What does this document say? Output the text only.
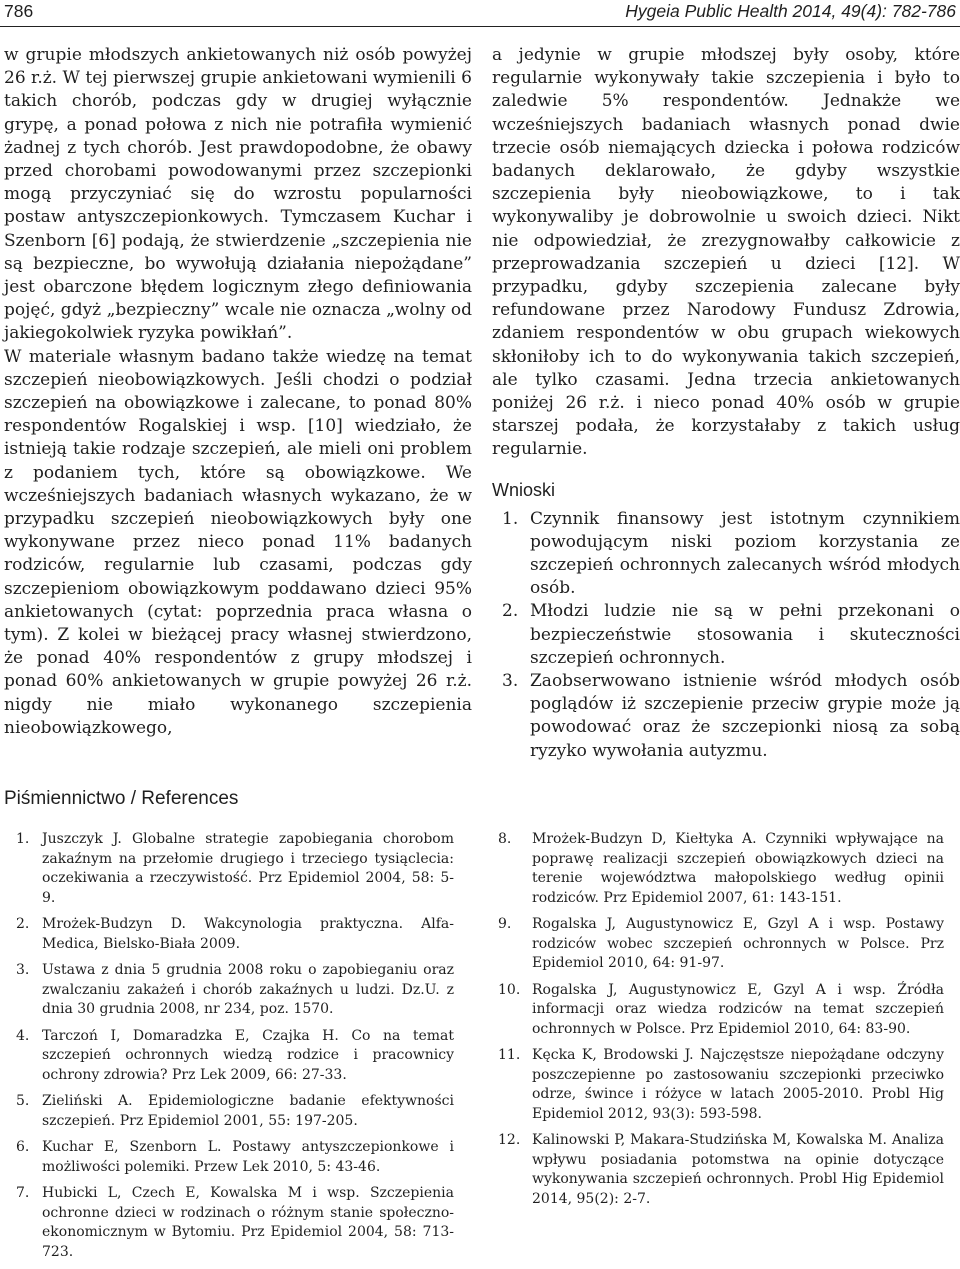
786	Hygeia Public Health 2014, 49(4): 782-786

w grupie młodszych ankietowanych niż osób powyżej 26 r.ż. W tej pierwszej grupie ankietowani wymienili 6 takich chorób, podczas gdy w drugiej wyłącznie grypę, a ponad połowa z nich nie potrafiła wymienić żadnej z tych chorób. Jest prawdopodobne, że obawy przed chorobami powodowanymi przez szczepionki mogą przyczyniać się do wzrostu popularności postaw antyszczepionkowych. Tymczasem Kuchar i Szenborn [6] podają, że stwierdzenie „szczepienia nie są bezpieczne, bo wywołują działania niepożądane” jest obarczone błędem logicznym złego definiowania pojęć, gdyż „bezpieczny” wcale nie oznacza „wolny od jakiegokolwiek ryzyka powikłań”.

W materiale własnym badano także wiedzę na temat szczepień nieobowiązkowych. Jeśli chodzi o podział szczepień na obowiązkowe i zalecane, to ponad 80% respondentów Rogalskiej i wsp. [10] wiedziało, że istnieją takie rodzaje szczepień, ale mieli oni problem z podaniem tych, które są obowiązkowe. We wcześniejszych badaniach własnych wykazano, że w przypadku szczepień nieobowiązkowych były one wykonywane przez nieco ponad 11% badanych rodziców, regularnie lub czasami, podczas gdy szczepieniom obowiązkowym poddawano dzieci 95% ankietowanych (cytat: poprzednia praca własna o tym). Z kolei w bieżącej pracy własnej stwierdzono, że ponad 40% respondentów z grupy młodszej i ponad 60% ankietowanych w grupie powyżej 26 r.ż. nigdy nie miało wykonanego szczepienia nieobowiązkowego,

a jedynie w grupie młodszej były osoby, które regularnie wykonywały takie szczepienia i było to zaledwie 5% respondentów. Jednakże we wcześniejszych badaniach własnych ponad dwie trzecie osób niemających dziecka i połowa rodziców badanych deklarowało, że gdyby wszystkie szczepienia były nieobowiązkowe, to i tak wykonywaliby je dobrowolnie u swoich dzieci. Nikt nie odpowiedział, że zrezygnowałby całkowicie z przeprowadzania szczepień u dzieci [12]. W przypadku, gdyby szczepienia zalecane były refundowane przez Narodowy Fundusz Zdrowia, zdaniem respondentów w obu grupach wiekowych skłoniłoby ich to do wykonywania takich szczepień, ale tylko czasami. Jedna trzecia ankietowanych poniżej 26 r.ż. i nieco ponad 40% osób w grupie starszej podała, że korzystałaby z takich usług regularnie.

Wnioski
1. Czynnik finansowy jest istotnym czynnikiem powodującym niski poziom korzystania ze szczepień ochronnych zalecanych wśród młodych osób.
2. Młodzi ludzie nie są w pełni przekonani o bezpieczeństwie stosowania i skuteczności szczepień ochronnych.
3. Zaobserwowano istnienie wśród młodych osób poglądów iż szczepienie przeciw grypie może ją powodować oraz że szczepionki niosą za sobą ryzyko wywołania autyzmu.
Piśmiennictwo / References
1. Juszczyk J. Globalne strategie zapobiegania chorobom zakaźnym na przełomie drugiego i trzeciego tysiąclecia: oczekiwania a rzeczywistość. Prz Epidemiol 2004, 58: 5-9.
2. Mrożek-Budzyn D. Wakcynologia praktyczna. Alfa-Medica, Bielsko-Biała 2009.
3. Ustawa z dnia 5 grudnia 2008 roku o zapobieganiu oraz zwalczaniu zakażeń i chorób zakaźnych u ludzi. Dz.U. z dnia 30 grudnia 2008, nr 234, poz. 1570.
4. Tarczoń I, Domaradzka E, Czajka H. Co na temat szczepień ochronnych wiedzą rodzice i pracownicy ochrony zdrowia? Prz Lek 2009, 66: 27-33.
5. Zieliński A. Epidemiologiczne badanie efektywności szczepień. Prz Epidemiol 2001, 55: 197-205.
6. Kuchar E, Szenborn L. Postawy antyszczepionkowe i możliwości polemiki. Przew Lek 2010, 5: 43-46.
7. Hubicki L, Czech E, Kowalska M i wsp. Szczepienia ochronne dzieci w rodzinach o różnym stanie społeczno-ekonomicznym w Bytomiu. Prz Epidemiol 2004, 58: 713-723.
8. Mrożek-Budzyn D, Kiełtyka A. Czynniki wpływające na poprawę realizacji szczepień obowiązkowych dzieci na terenie województwa małopolskiego według opinii rodziców. Prz Epidemiol 2007, 61: 143-151.
9. Rogalska J, Augustynowicz E, Gzyl A i wsp. Postawy rodziców wobec szczepień ochronnych w Polsce. Prz Epidemiol 2010, 64: 91-97.
10. Rogalska J, Augustynowicz E, Gzyl A i wsp. Źródła informacji oraz wiedza rodziców na temat szczepień ochronnych w Polsce. Prz Epidemiol 2010, 64: 83-90.
11. Kęcka K, Brodowski J. Najczęstsze niepożądane odczyny poszczepienne po zastosowaniu szczepionki przeciwko odrze, śwince i różyce w latach 2005-2010. Probl Hig Epidemiol 2012, 93(3): 593-598.
12. Kalinowski P, Makara-Studzińska M, Kowalska M. Analiza wpływu posiadania potomstwa na opinie dotyczące wykonywania szczepień ochronnych. Probl Hig Epidemiol 2014, 95(2): 2-7.
